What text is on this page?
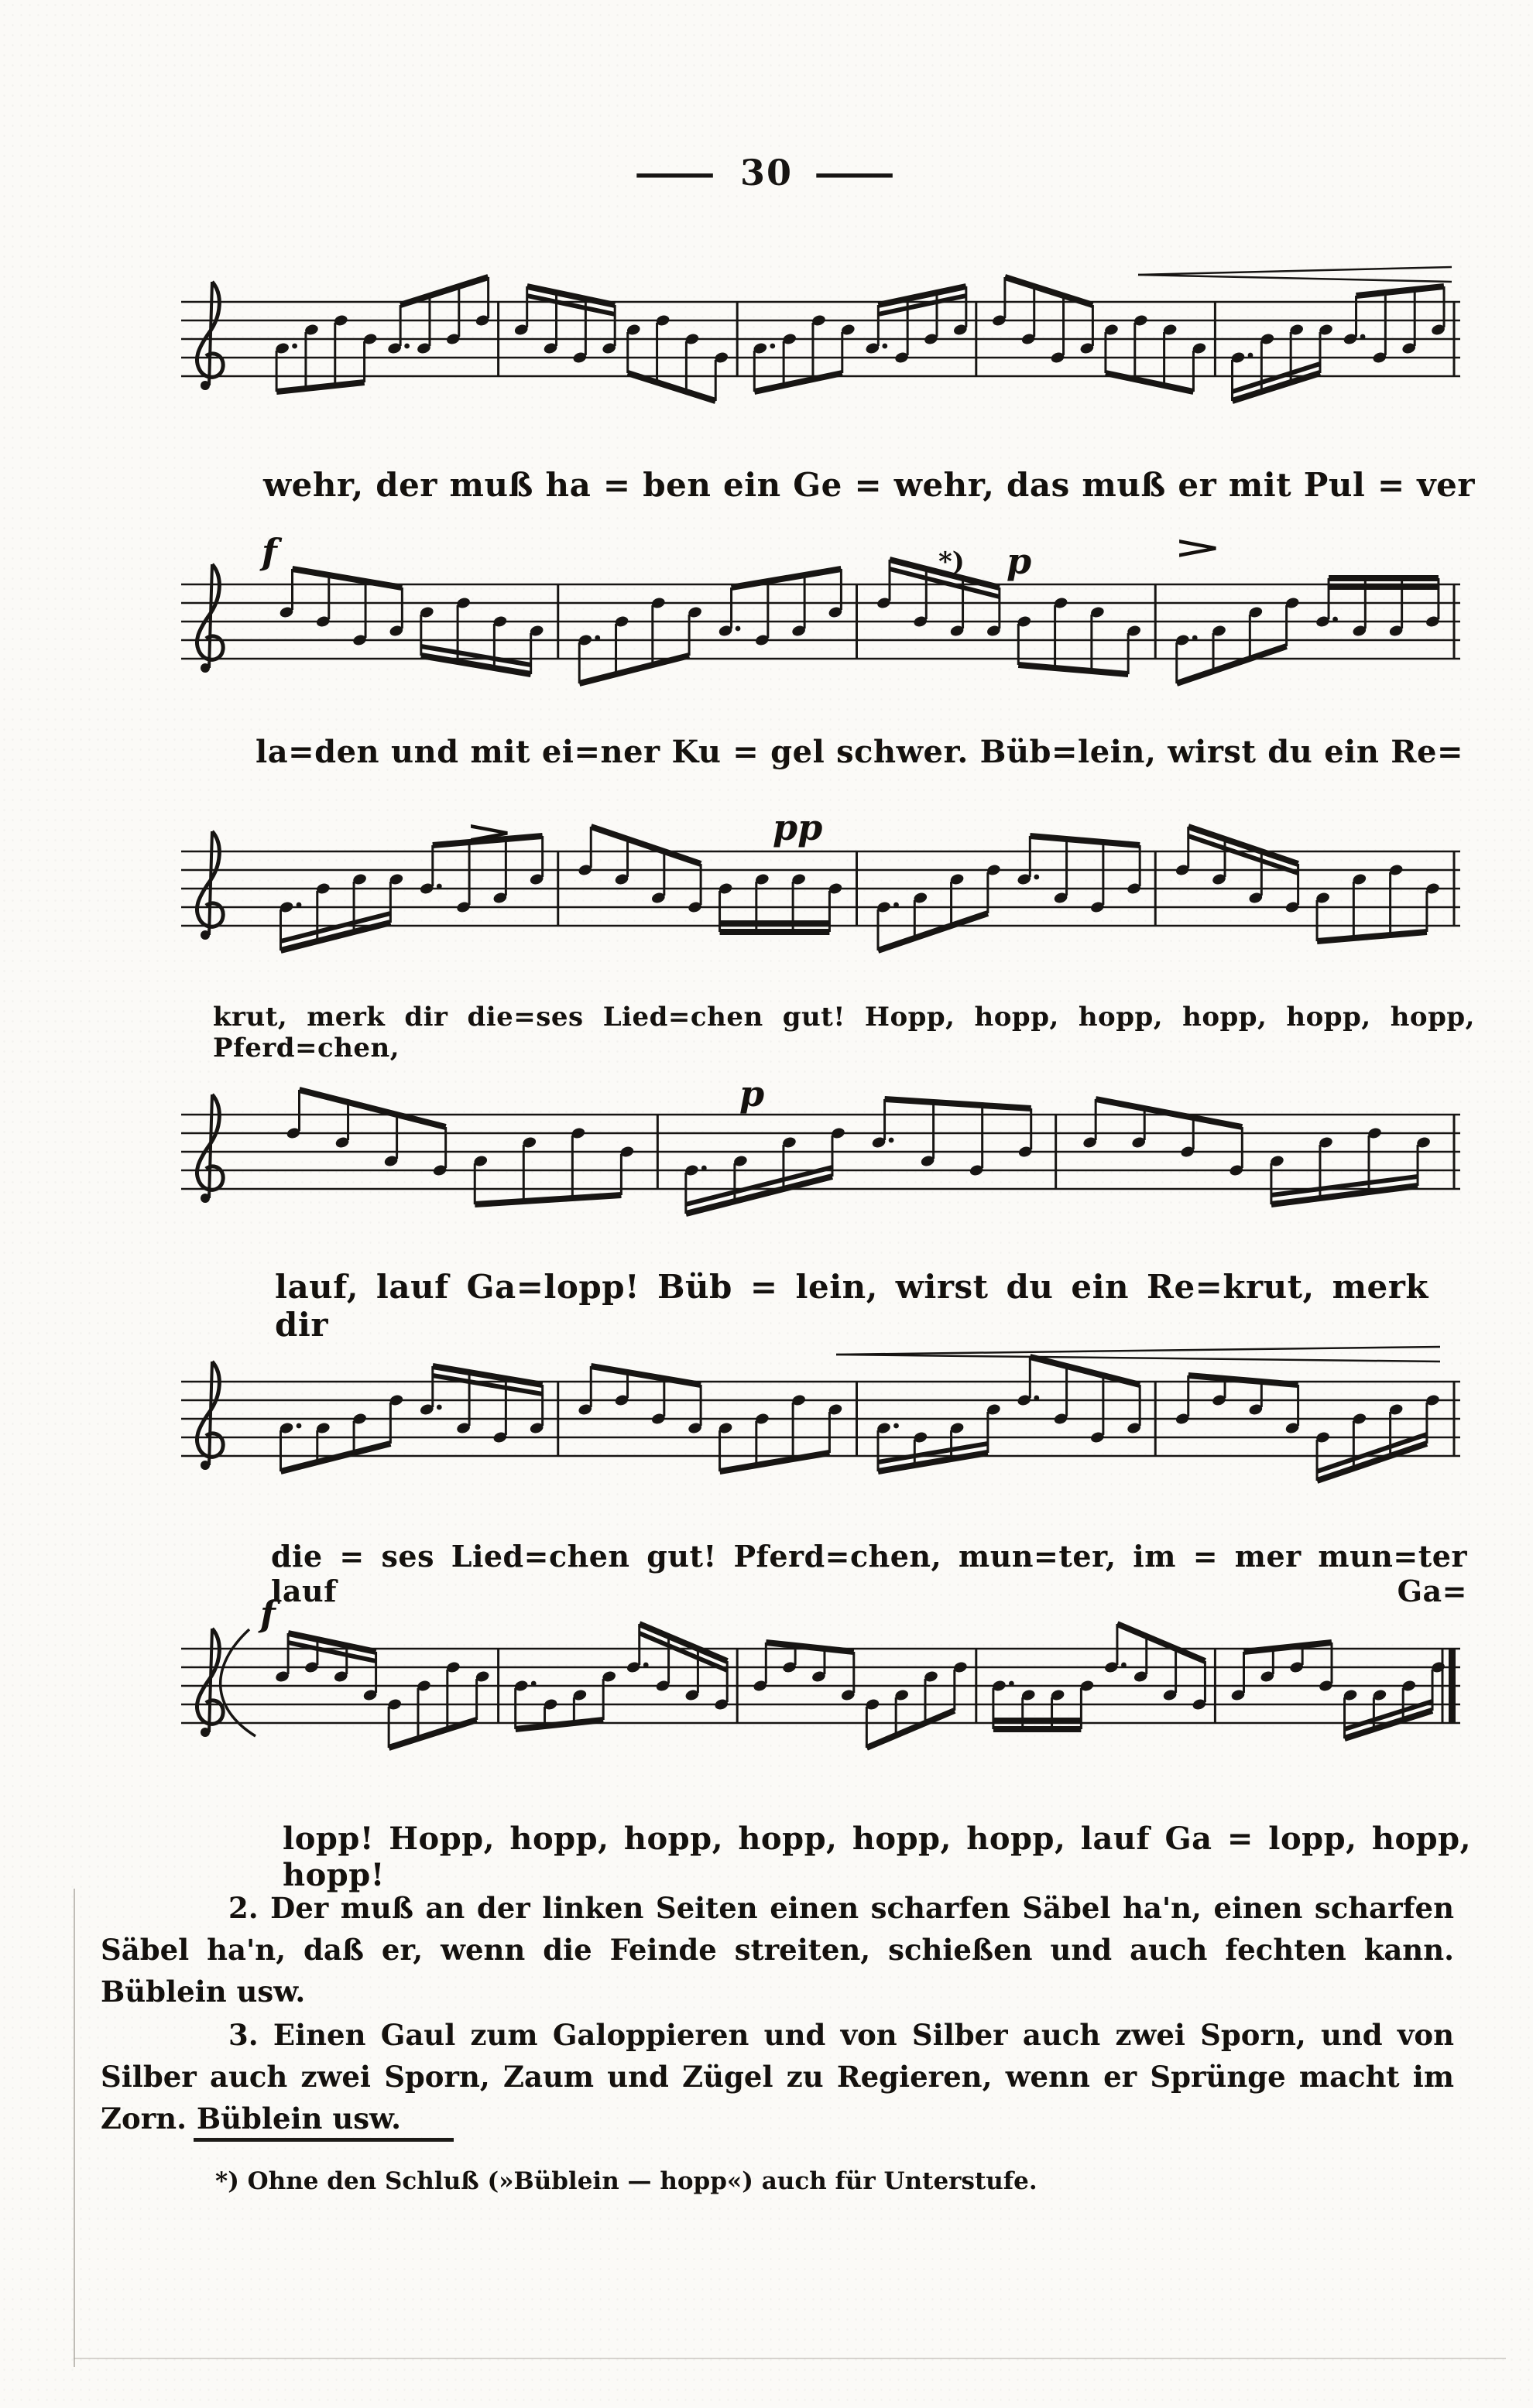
— 30 —
f	*) p	>
>	pp
p
f
wehr, der muß ha = ben ein Ge = wehr, das muß er mit Pul = ver
la=den und mit ei=ner Ku = gel schwer. Büb=lein, wirst du ein Re=
krut, merk dir die=ses Lied=chen gut! Hopp, hopp, hopp, hopp, hopp, hopp, Pferd=chen,
lauf, lauf Ga=lopp! Büb = lein, wirst du ein Re=krut, merk dir
die = ses Lied=chen gut! Pferd=chen, mun=ter, im = mer mun=ter lauf Ga=
lopp! Hopp, hopp, hopp, hopp, hopp, hopp, lauf Ga = lopp, hopp, hopp!
2. Der muß an der linken Seiten einen scharfen Säbel ha'n, einen scharfen Säbel ha'n, daß er, wenn die Feinde streiten, schießen und auch fechten kann. Büblein usw.
3. Einen Gaul zum Galoppieren und von Silber auch zwei Sporn, und von Silber auch zwei Sporn, Zaum und Zügel zu Regieren, wenn er Sprünge macht im Zorn. Büblein usw.
*) Ohne den Schluß (»Büblein — hopp«) auch für Unterstufe.
